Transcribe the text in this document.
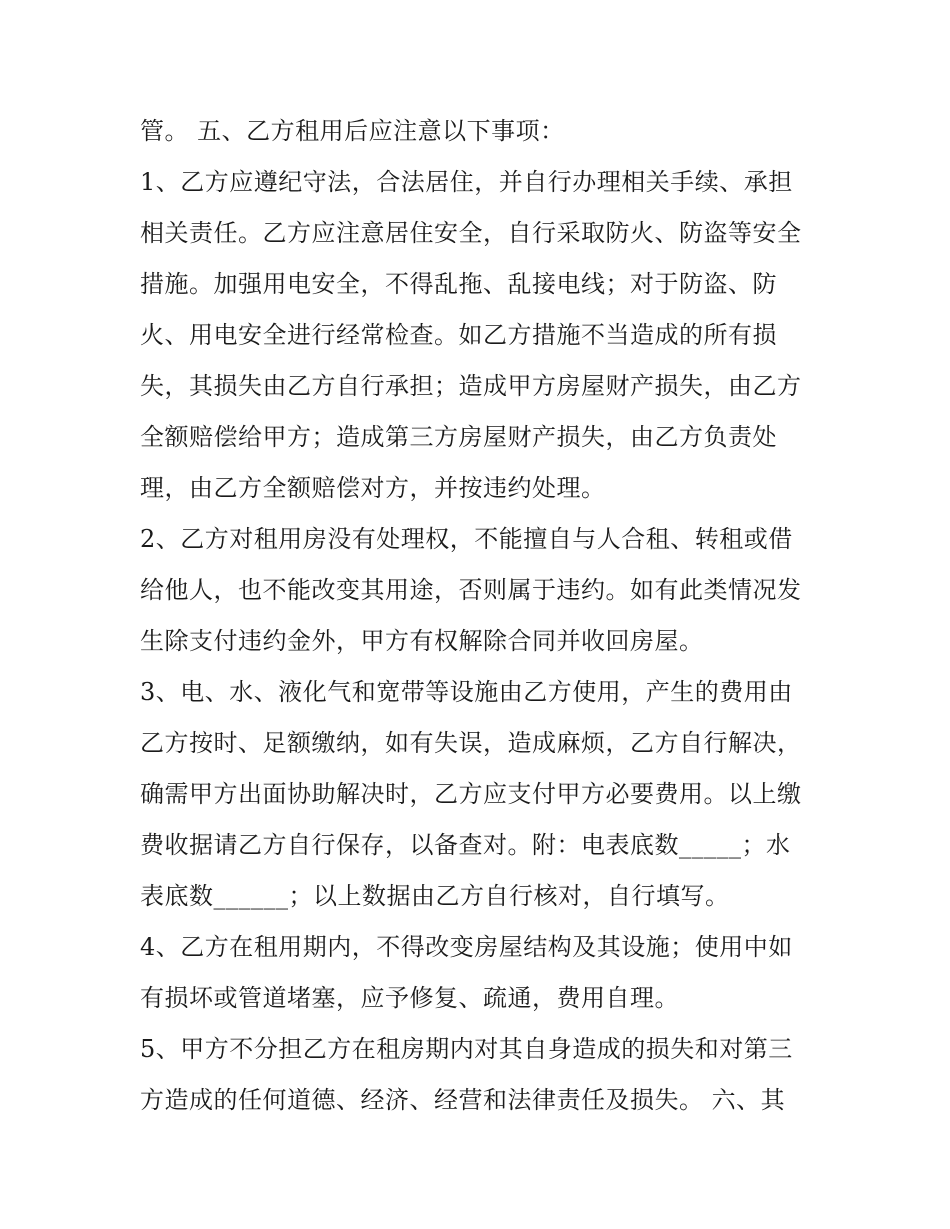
管。 五、乙方租用后应注意以下事项：
1、乙方应遵纪守法，合法居住，并自行办理相关手续、承担
相关责任。乙方应注意居住安全，自行采取防火、防盗等安全
措施。加强用电安全，不得乱拖、乱接电线；对于防盗、防
火、用电安全进行经常检查。如乙方措施不当造成的所有损
失，其损失由乙方自行承担；造成甲方房屋财产损失，由乙方
全额赔偿给甲方；造成第三方房屋财产损失，由乙方负责处
理，由乙方全额赔偿对方，并按违约处理。
2、乙方对租用房没有处理权，不能擅自与人合租、转租或借
给他人，也不能改变其用途，否则属于违约。如有此类情况发
生除支付违约金外，甲方有权解除合同并收回房屋。
3、电、水、液化气和宽带等设施由乙方使用，产生的费用由
乙方按时、足额缴纳，如有失误，造成麻烦，乙方自行解决，
确需甲方出面协助解决时，乙方应支付甲方必要费用。以上缴
费收据请乙方自行保存，以备查对。附：电表底数_____；水
表底数______；以上数据由乙方自行核对，自行填写。
4、乙方在租用期内，不得改变房屋结构及其设施；使用中如
有损坏或管道堵塞，应予修复、疏通，费用自理。
5、甲方不分担乙方在租房期内对其自身造成的损失和对第三
方造成的任何道德、经济、经营和法律责任及损失。 六、其
